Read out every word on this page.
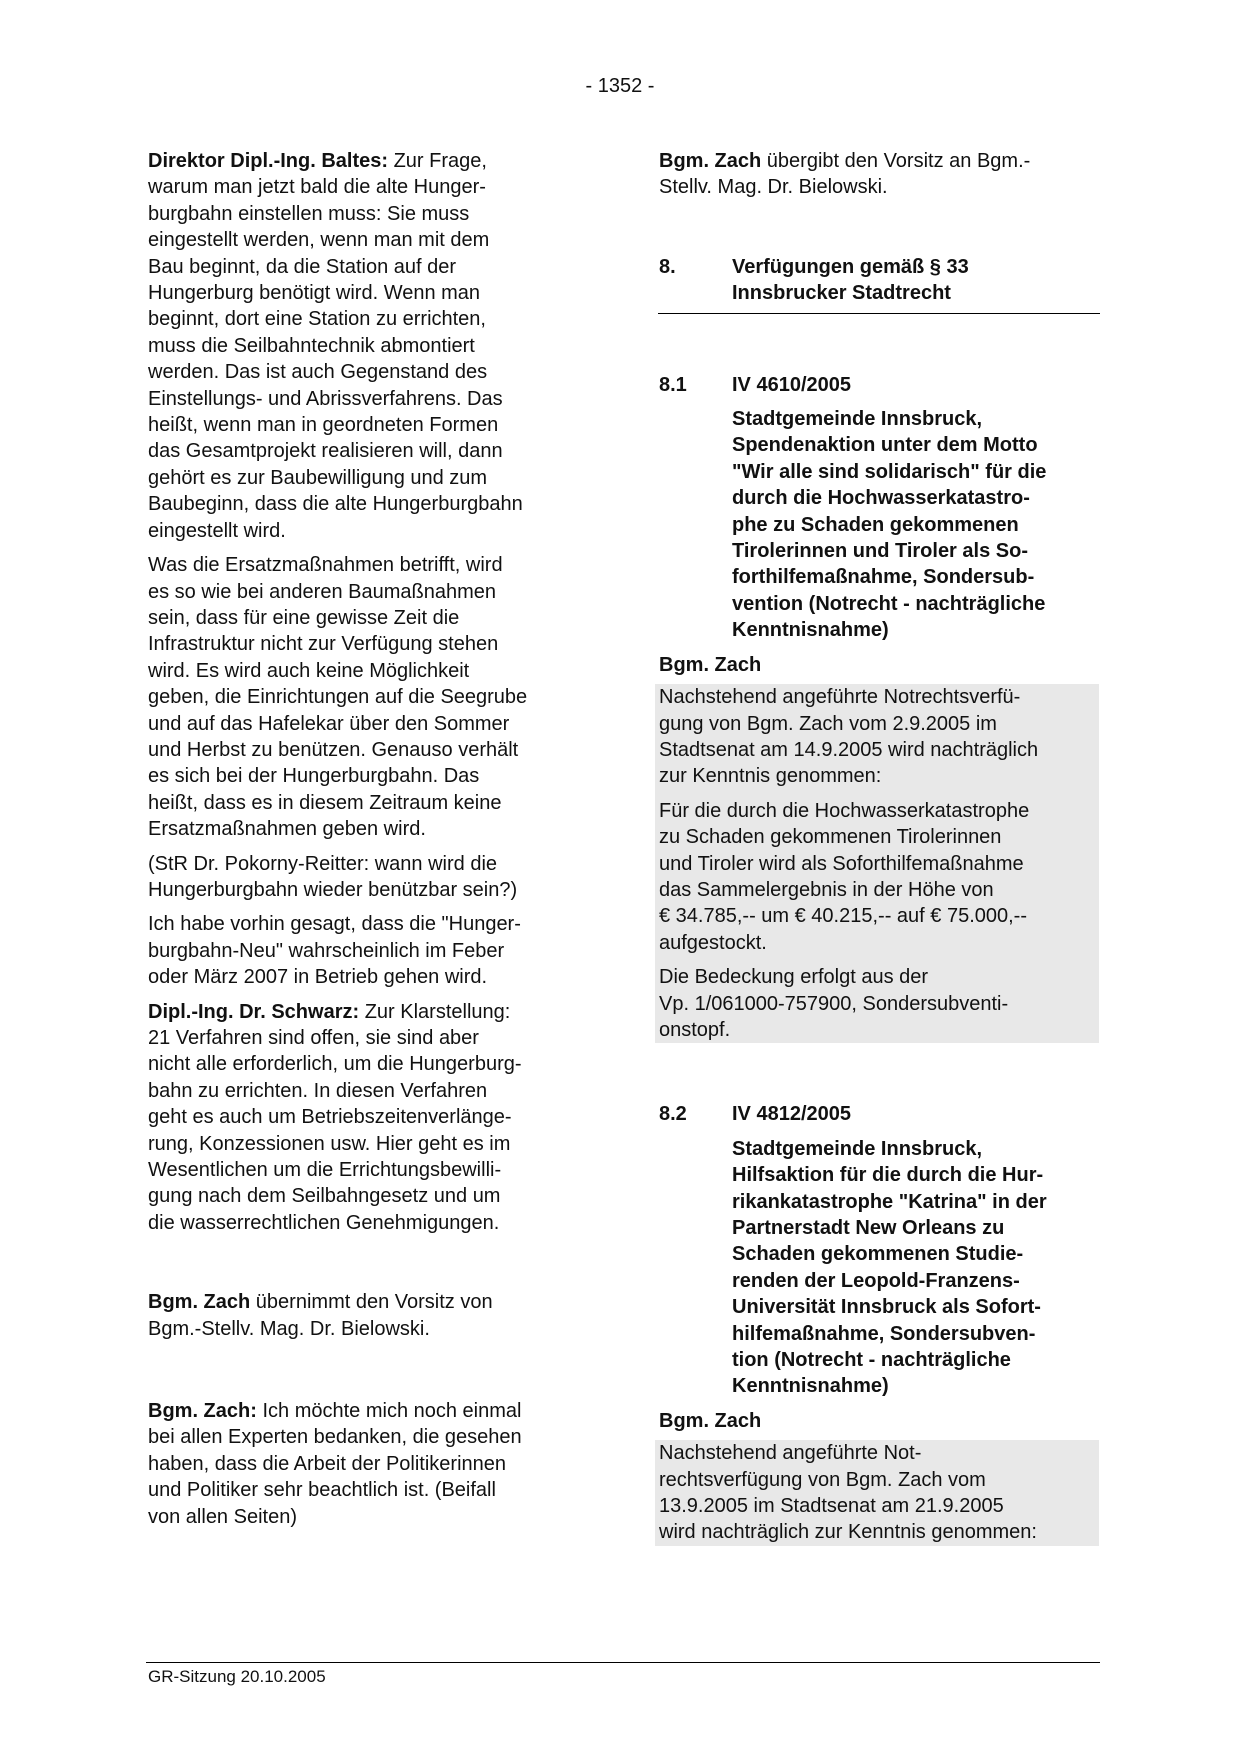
- 1352 -

Direktor Dipl.-Ing. Baltes: Zur Frage,
warum man jetzt bald die alte Hunger-
burgbahn einstellen muss: Sie muss
eingestellt werden, wenn man mit dem
Bau beginnt, da die Station auf der
Hungerburg benötigt wird. Wenn man
beginnt, dort eine Station zu errichten,
muss die Seilbahntechnik abmontiert
werden. Das ist auch Gegenstand des
Einstellungs- und Abrissverfahrens. Das
heißt, wenn man in geordneten Formen
das Gesamtprojekt realisieren will, dann
gehört es zur Baubewilligung und zum
Baubeginn, dass die alte Hungerburgbahn
eingestellt wird.

Was die Ersatzmaßnahmen betrifft, wird
es so wie bei anderen Baumaßnahmen
sein, dass für eine gewisse Zeit die
Infrastruktur nicht zur Verfügung stehen
wird. Es wird auch keine Möglichkeit
geben, die Einrichtungen auf die Seegrube
und auf das Hafelekar über den Sommer
und Herbst zu benützen. Genauso verhält
es sich bei der Hungerburgbahn. Das
heißt, dass es in diesem Zeitraum keine
Ersatzmaßnahmen geben wird.

(StR Dr. Pokorny-Reitter: wann wird die
Hungerburgbahn wieder benützbar sein?)

Ich habe vorhin gesagt, dass die "Hunger-
burgbahn-Neu" wahrscheinlich im Feber
oder März 2007 in Betrieb gehen wird.

Dipl.-Ing. Dr. Schwarz: Zur Klarstellung:
21 Verfahren sind offen, sie sind aber
nicht alle erforderlich, um die Hungerburg-
bahn zu errichten. In diesen Verfahren
geht es auch um Betriebszeitenverlänge-
rung, Konzessionen usw. Hier geht es im
Wesentlichen um die Errichtungsbewilli-
gung nach dem Seilbahngesetz und um
die wasserrechtlichen Genehmigungen.

Bgm. Zach übernimmt den Vorsitz von
Bgm.-Stellv. Mag. Dr. Bielowski.

Bgm. Zach: Ich möchte mich noch einmal
bei allen Experten bedanken, die gesehen
haben, dass die Arbeit der Politikerinnen
und Politiker sehr beachtlich ist. (Beifall
von allen Seiten)

Bgm. Zach übergibt den Vorsitz an Bgm.-
Stellv. Mag. Dr. Bielowski.

8.	Verfügungen gemäß § 33
Innsbrucker Stadtrecht
8.1 IV 4610/2005
Stadtgemeinde Innsbruck,
Spendenaktion unter dem Motto
"Wir alle sind solidarisch" für die
durch die Hochwasserkatastro-
phe zu Schaden gekommenen
Tirolerinnen und Tiroler als So-
forthilfemaßnahme, Sondersub-
vention (Notrecht - nachträgliche
Kenntnisnahme)

Bgm. Zach

Nachstehend angeführte Notrechtsverfü-
gung von Bgm. Zach vom 2.9.2005 im
Stadtsenat am 14.9.2005 wird nachträglich
zur Kenntnis genommen:

Für die durch die Hochwasserkatastrophe
zu Schaden gekommenen Tirolerinnen
und Tiroler wird als Soforthilfemaßnahme
das Sammelergebnis in der Höhe von
€ 34.785,-- um € 40.215,-- auf € 75.000,--
aufgestockt.

Die Bedeckung erfolgt aus der
Vp. 1/061000-757900, Sondersubventi-
onstopf.

8.2 IV 4812/2005
Stadtgemeinde Innsbruck,
Hilfsaktion für die durch die Hur-
rikankatastrophe "Katrina" in der
Partnerstadt New Orleans zu
Schaden gekommenen Studie-
renden der Leopold-Franzens-
Universität Innsbruck als Sofort-
hilfemaßnahme, Sondersubven-
tion (Notrecht - nachträgliche
Kenntnisnahme)

Bgm. Zach

Nachstehend angeführte Not-
rechtsverfügung von Bgm. Zach vom
13.9.2005 im Stadtsenat am 21.9.2005
wird nachträglich zur Kenntnis genommen:

GR-Sitzung 20.10.2005
